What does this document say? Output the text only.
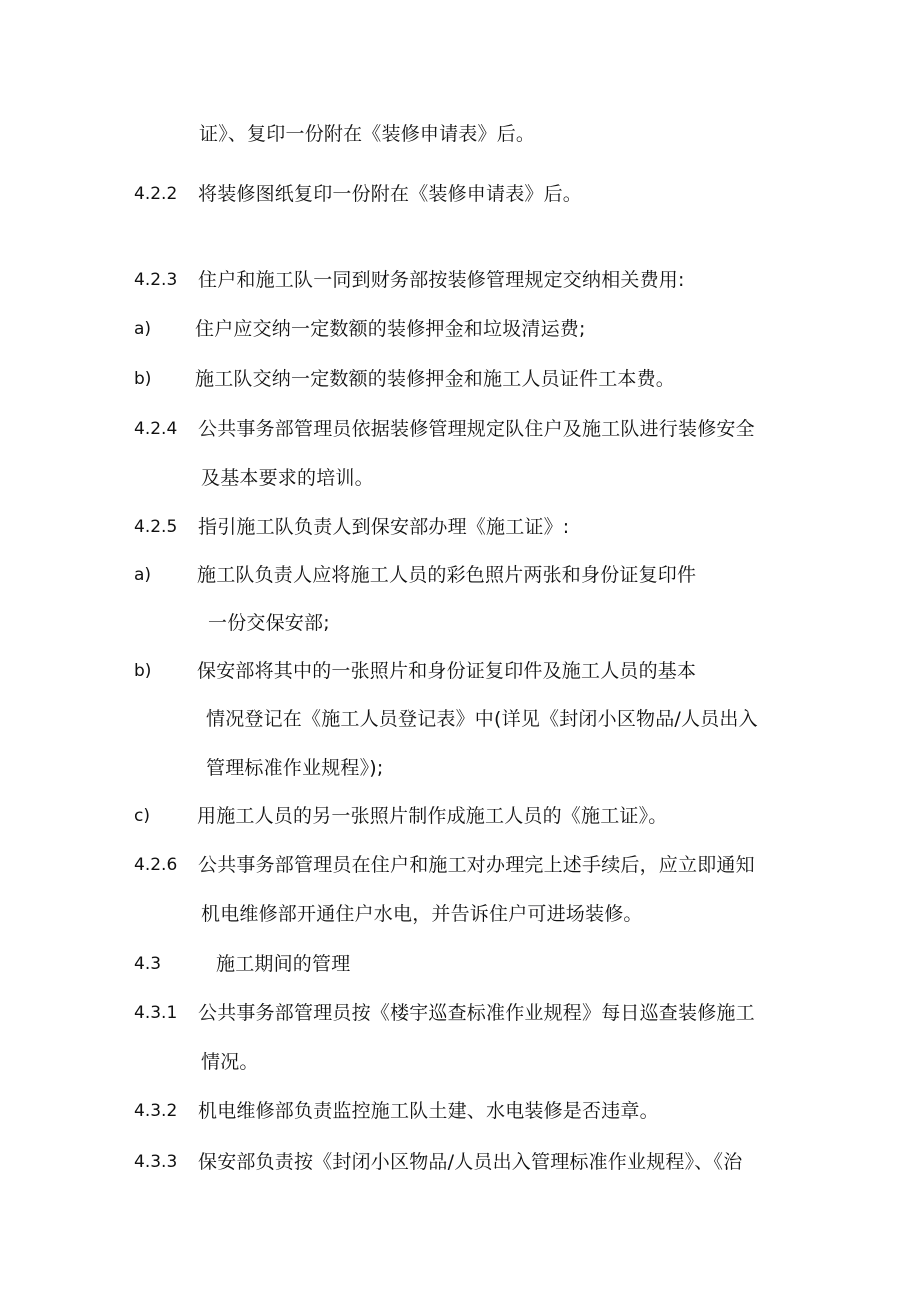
证》、复印一份附在《装修申请表》后。
4.2.2 将装修图纸复印一份附在《装修申请表》后。
4.2.3 住户和施工队一同到财务部按装修管理规定交纳相关费用:
a) 住户应交纳一定数额的装修押金和垃圾清运费;
b) 施工队交纳一定数额的装修押金和施工人员证件工本费。
4.2.4 公共事务部管理员依据装修管理规定队住户及施工队进行装修安全
及基本要求的培训。
4.2.5 指引施工队负责人到保安部办理《施工证》:
a) 施工队负责人应将施工人员的彩色照片两张和身份证复印件
一份交保安部;
b) 保安部将其中的一张照片和身份证复印件及施工人员的基本
情况登记在《施工人员登记表》中(详见《封闭小区物品/人员出入
管理标准作业规程》);
c) 用施工人员的另一张照片制作成施工人员的《施工证》。
4.2.6 公共事务部管理员在住户和施工对办理完上述手续后，应立即通知
机电维修部开通住户水电，并告诉住户可进场装修。
4.3	施工期间的管理
4.3.1 公共事务部管理员按《楼宇巡查标准作业规程》每日巡查装修施工
情况。
4.3.2 机电维修部负责监控施工队土建、水电装修是否违章。
4.3.3 保安部负责按《封闭小区物品/人员出入管理标准作业规程》、《治
